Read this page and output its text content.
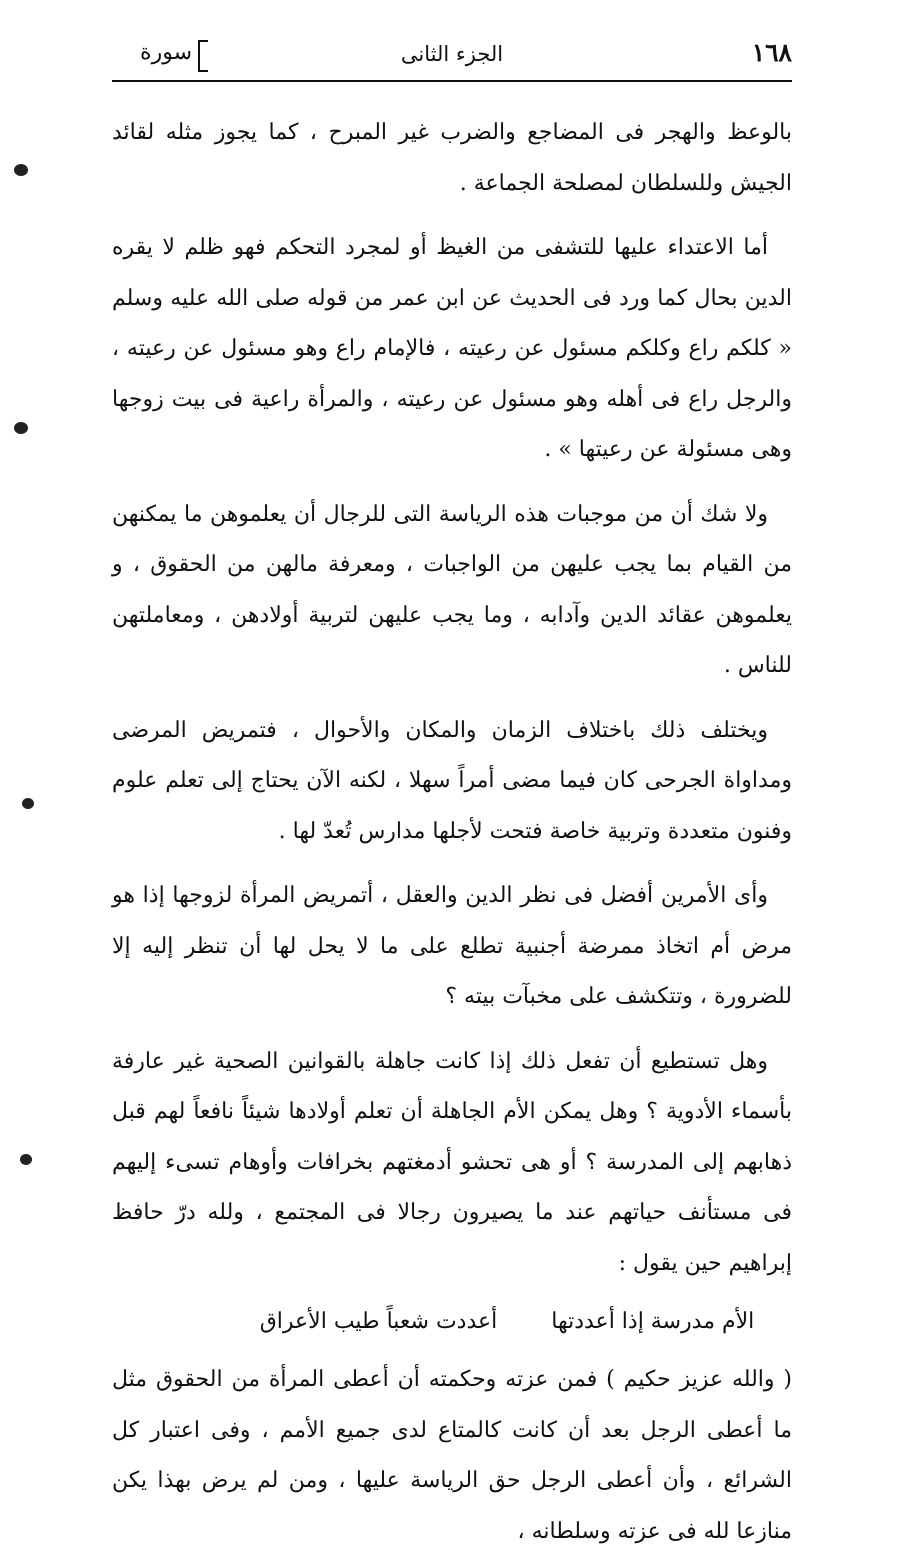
١٦٨
الجزء الثانى
سورة

بالوعظ والهجر فى المضاجع والضرب غير المبرح ، كما يجوز مثله لقائد الجيش وللسلطان لمصلحة الجماعة .

أما الاعتداء عليها للتشفى من الغيظ أو لمجرد التحكم فهو ظلم لا يقره الدين بحال كما ورد فى الحديث عن ابن عمر من قوله صلى الله عليه وسلم « كلكم راع وكلكم مسئول عن رعيته ، فالإمام راع وهو مسئول عن رعيته ، والرجل راع فى أهله وهو مسئول عن رعيته ، والمرأة راعية فى بيت زوجها وهى مسئولة عن رعيتها » .

ولا شك أن من موجبات هذه الرياسة التى للرجال أن يعلموهن ما يمكنهن من القيام بما يجب عليهن من الواجبات ، ومعرفة مالهن من الحقوق ، و يعلموهن عقائد الدين وآدابه ، وما يجب عليهن لتربية أولادهن ، ومعاملتهن للناس .

ويختلف ذلك باختلاف الزمان والمكان والأحوال ، فتمريض المرضى ومداواة الجرحى كان فيما مضى أمراً سهلا ، لكنه الآن يحتاج إلى تعلم علوم وفنون متعددة وتربية خاصة فتحت لأجلها مدارس تُعدّ لها .

وأى الأمرين أفضل فى نظر الدين والعقل ، أتمريض المرأة لزوجها إذا هو مرض أم اتخاذ ممرضة أجنبية تطلع على ما لا يحل لها أن تنظر إليه إلا للضرورة ، وتتكشف على مخبآت بيته ؟

وهل تستطيع أن تفعل ذلك إذا كانت جاهلة بالقوانين الصحية غير عارفة بأسماء الأدوية ؟ وهل يمكن الأم الجاهلة أن تعلم أولادها شيئاً نافعاً لهم قبل ذهابهم إلى المدرسة ؟ أو هى تحشو أدمغتهم بخرافات وأوهام تسىء إليهم فى مستأنف حياتهم عند ما يصيرون رجالا فى المجتمع ، ولله درّ حافظ إبراهيم حين يقول :

الأم مدرسة إذا أعددتها
أعددت شعباً طيب الأعراق

( والله عزيز حكيم ) فمن عزته وحكمته أن أعطى المرأة من الحقوق مثل ما أعطى الرجل بعد أن كانت كالمتاع لدى جميع الأمم ، وفى اعتبار كل الشرائع ، وأن أعطى الرجل حق الرياسة عليها ، ومن لم يرض بهذا يكن منازعا لله فى عزته وسلطانه ،
